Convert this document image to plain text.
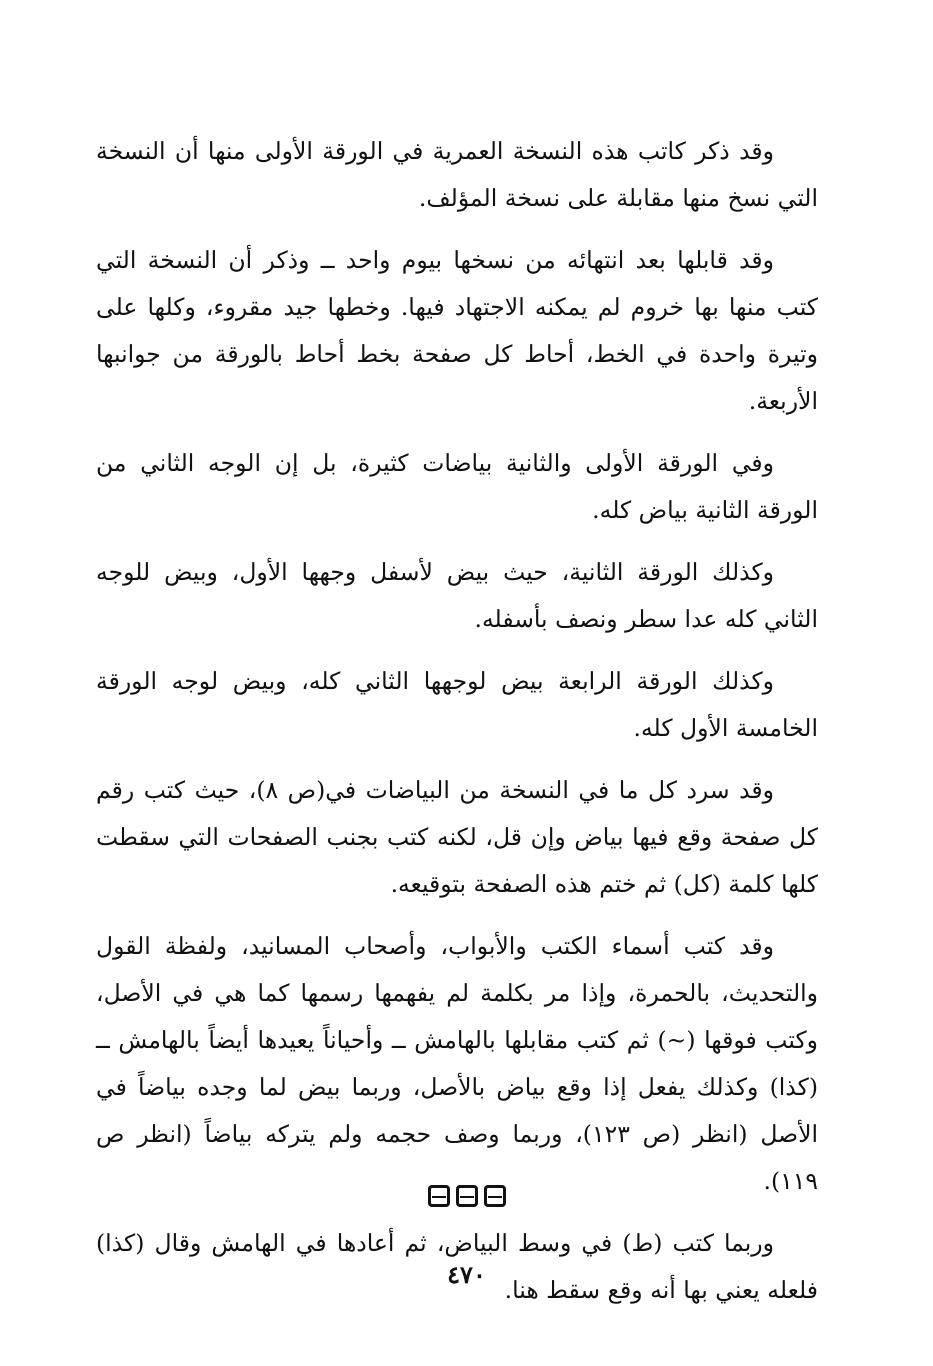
وقد ذكر كاتب هذه النسخة العمرية في الورقة الأولى منها أن النسخة التي نسخ منها مقابلة على نسخة المؤلف.

وقد قابلها بعد انتهائه من نسخها بيوم واحد ــ وذكر أن النسخة التي كتب منها بها خروم لم يمكنه الاجتهاد فيها. وخطها جيد مقروء، وكلها على وتيرة واحدة في الخط، أحاط كل صفحة بخط أحاط بالورقة من جوانبها الأربعة.

وفي الورقة الأولى والثانية بياضات كثيرة، بل إن الوجه الثاني من الورقة الثانية بياض كله.

وكذلك الورقة الثانية، حيث بيض لأسفل وجهها الأول، وبيض للوجه الثاني كله عدا سطر ونصف بأسفله.

وكذلك الورقة الرابعة بيض لوجهها الثاني كله، وبيض لوجه الورقة الخامسة الأول كله.

وقد سرد كل ما في النسخة من البياضات في(ص ٨)، حيث كتب رقم كل صفحة وقع فيها بياض وإن قل، لكنه كتب بجنب الصفحات التي سقطت كلها كلمة (كل) ثم ختم هذه الصفحة بتوقيعه.

وقد كتب أسماء الكتب والأبواب، وأصحاب المسانيد، ولفظة القول والتحديث، بالحمرة، وإذا مر بكلمة لم يفهمها رسمها كما هي في الأصل، وكتب فوقها (~) ثم كتب مقابلها بالهامش ــ وأحياناً يعيدها أيضاً بالهامش ــ (كذا) وكذلك يفعل إذا وقع بياض بالأصل، وربما بيض لما وجده بياضاً في الأصل (انظر (ص ١٢٣)، وربما وصف حجمه ولم يتركه بياضاً (انظر ص ١١٩).

وربما كتب (ط) في وسط البياض، ثم أعادها في الهامش وقال (كذا) فلعله يعني بها أنه وقع سقط هنا.

٤٧٠
